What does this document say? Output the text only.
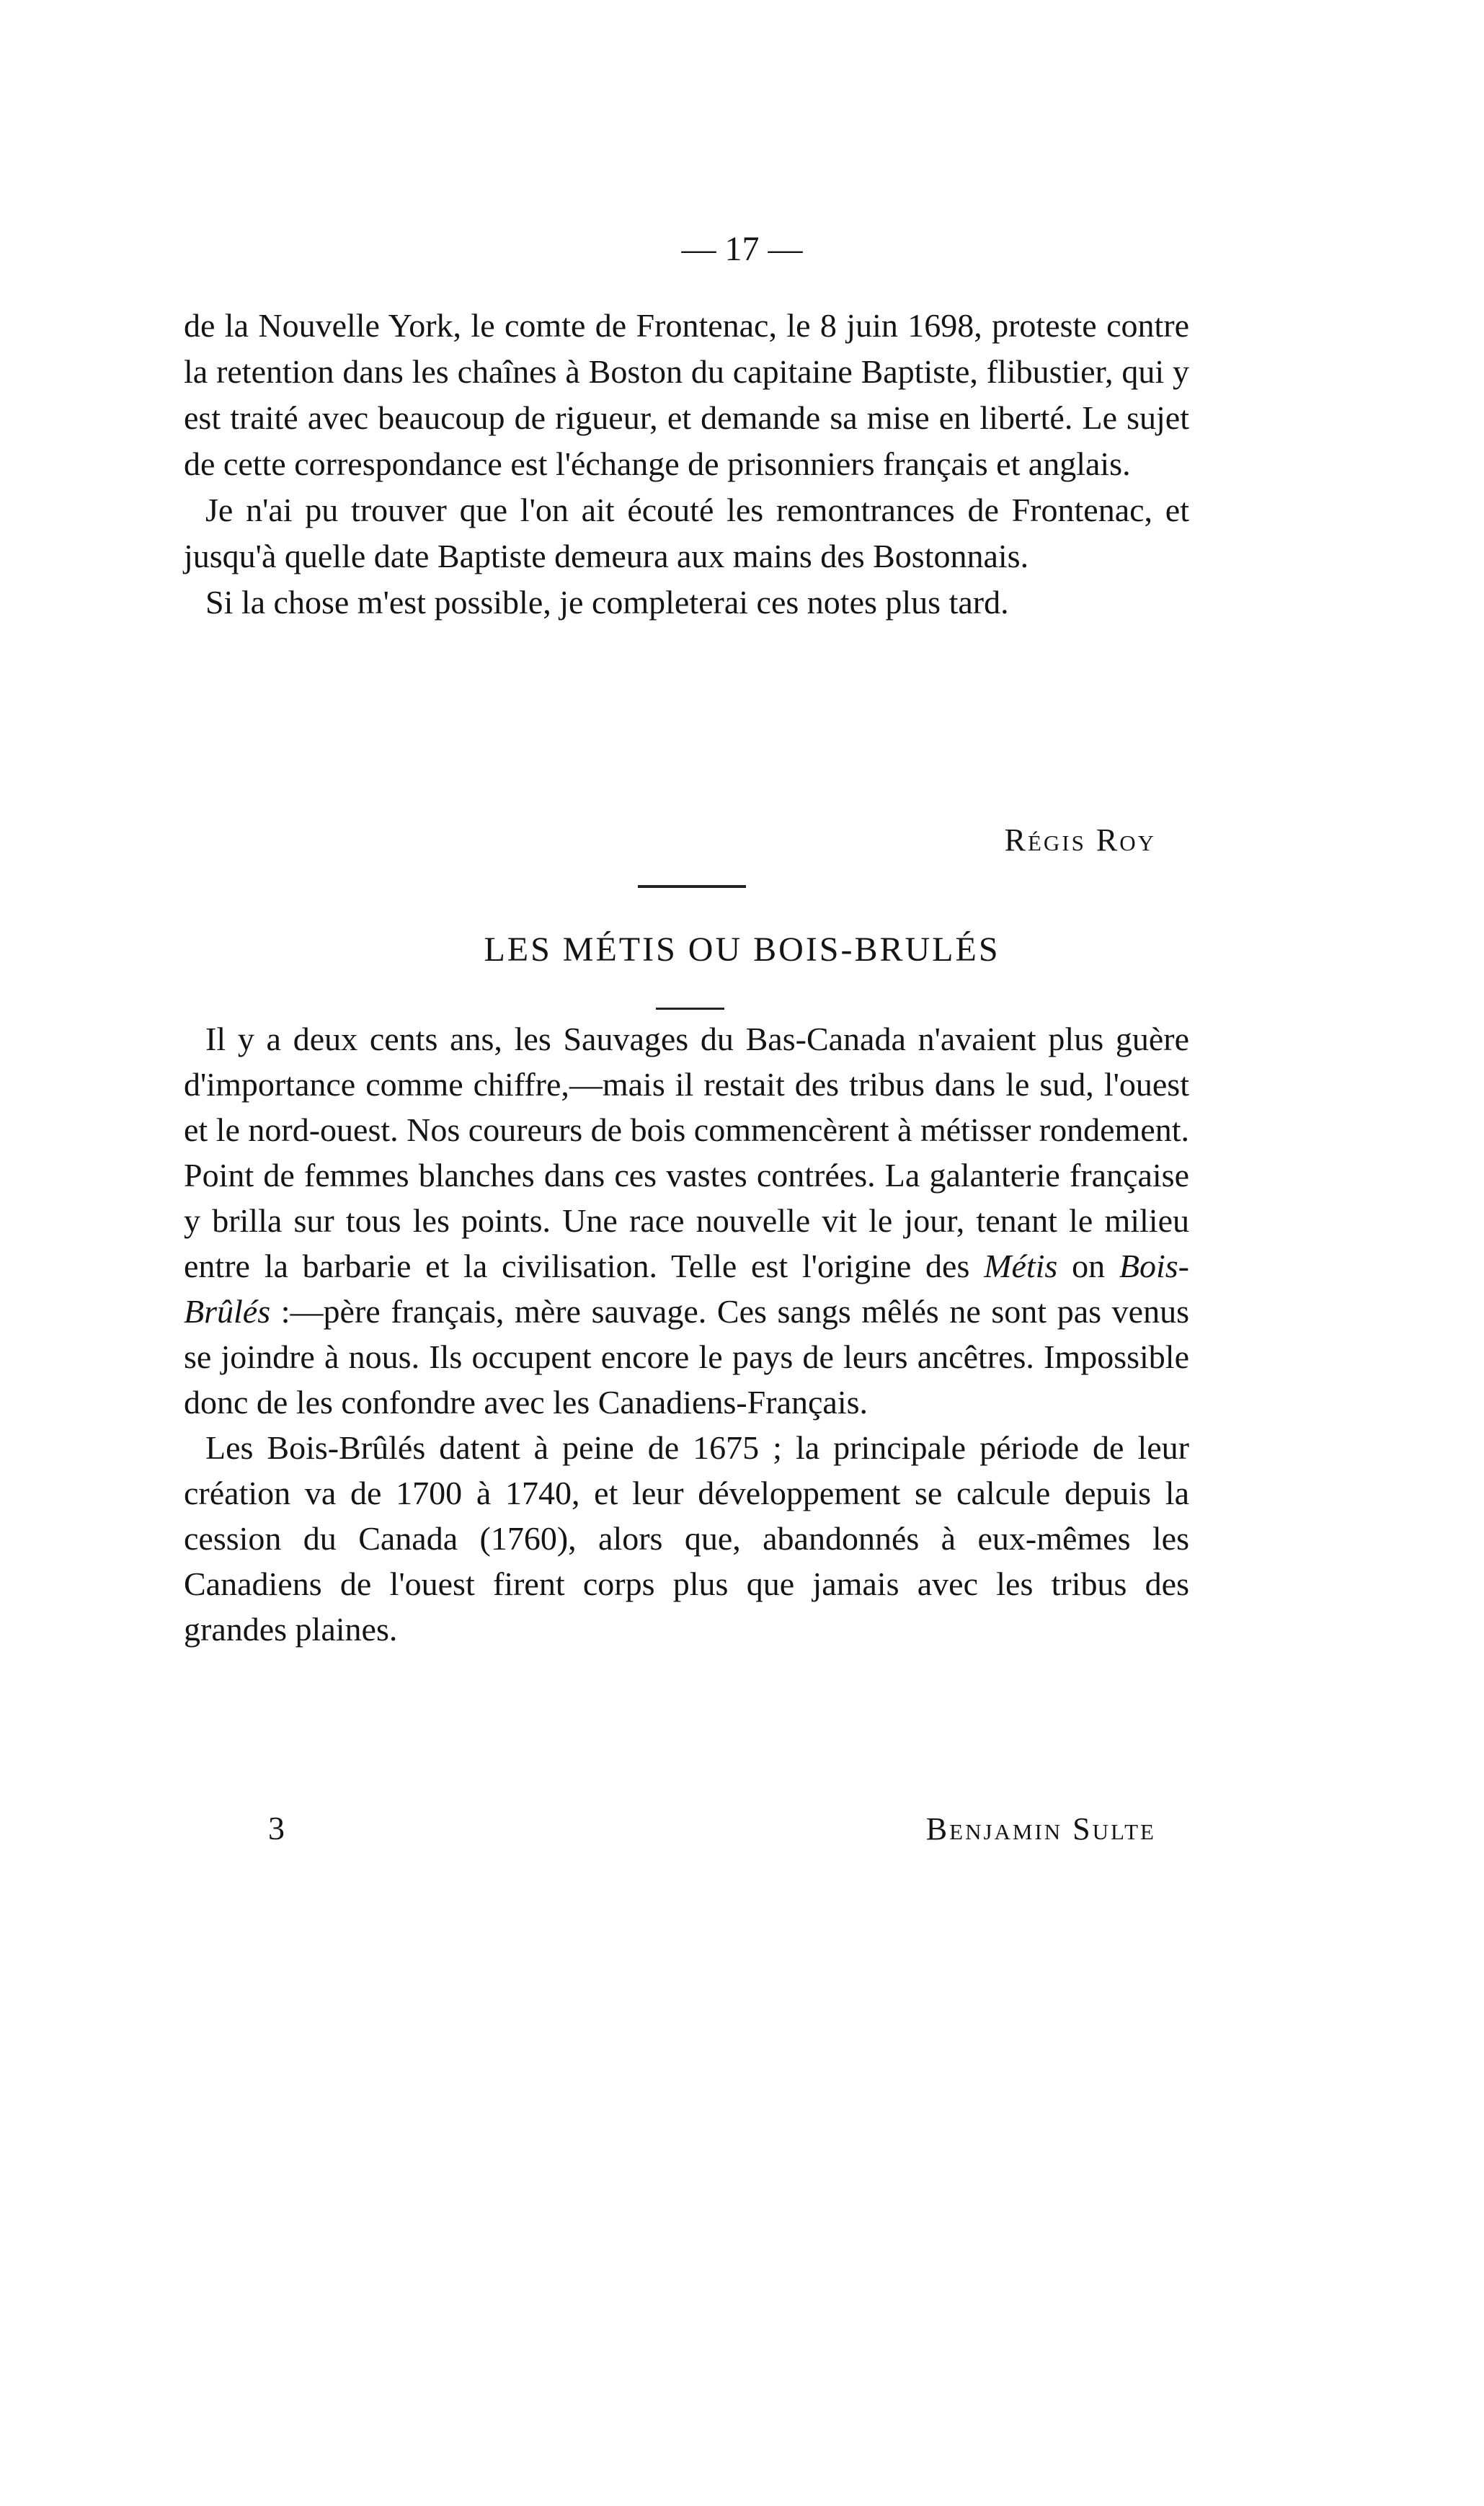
— 17 —

de la Nouvelle York, le comte de Frontenac, le 8 juin 1698, proteste contre la retention dans les chaînes à Boston du capitaine Baptiste, flibustier, qui y est traité avec beaucoup de rigueur, et demande sa mise en liberté. Le sujet de cette correspondance est l'échange de prisonniers français et anglais.

Je n'ai pu trouver que l'on ait écouté les remontrances de Frontenac, et jusqu'à quelle date Baptiste demeura aux mains des Bostonnais.

Si la chose m'est possible, je completerai ces notes plus tard.

Régis Roy
LES MÉTIS OU BOIS-BRULÉS

Il y a deux cents ans, les Sauvages du Bas-Canada n'avaient plus guère d'importance comme chiffre,—mais il restait des tribus dans le sud, l'ouest et le nord-ouest. Nos coureurs de bois commencèrent à métisser rondement. Point de femmes blanches dans ces vastes contrées. La galanterie française y brilla sur tous les points. Une race nouvelle vit le jour, tenant le milieu entre la barbarie et la civilisation. Telle est l'origine des Métis on Bois-Brûlés :—père français, mère sauvage. Ces sangs mêlés ne sont pas venus se joindre à nous. Ils occupent encore le pays de leurs ancêtres. Impossible donc de les confondre avec les Canadiens-Français.

Les Bois-Brûlés datent à peine de 1675 ; la principale période de leur création va de 1700 à 1740, et leur développement se calcule depuis la cession du Canada (1760), alors que, abandonnés à eux-mêmes les Canadiens de l'ouest firent corps plus que jamais avec les tribus des grandes plaines.

3	Benjamin Sulte
